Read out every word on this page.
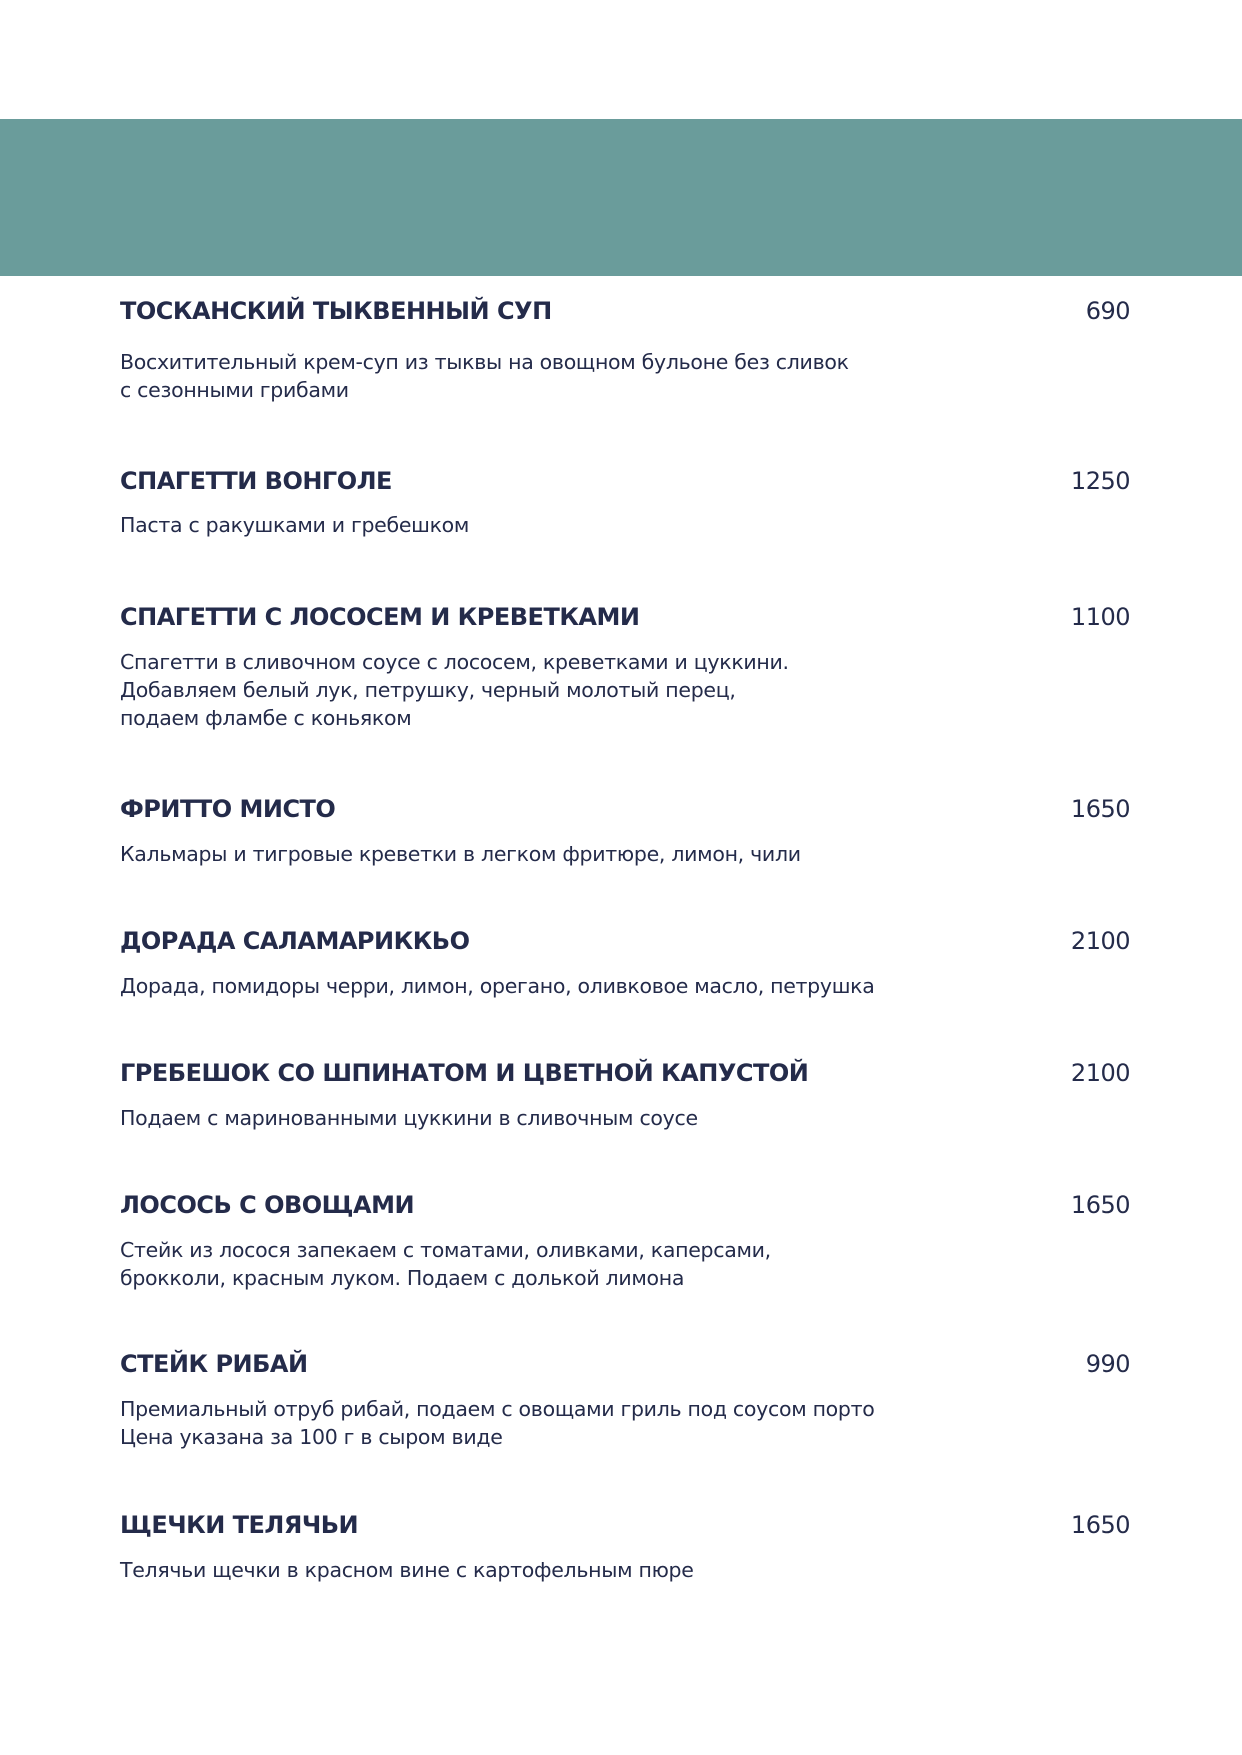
ТОСКАНСКИЙ ТЫКВЕННЫЙ СУП	690
Восхитительный крем-суп из тыквы на овощном бульоне без сливок
с сезонными грибами
СПАГЕТТИ ВОНГОЛЕ	1250
Паста с ракушками и гребешком
СПАГЕТТИ С ЛОСОСЕМ И КРЕВЕТКАМИ	1100
Спагетти в сливочном соусе с лососем, креветками и цуккини.
Добавляем белый лук, петрушку, черный молотый перец,
подаем фламбе с коньяком
ФРИТТО МИСТО	1650
Кальмары и тигровые креветки в легком фритюре, лимон, чили
ДОРАДА САЛАМАРИККЬО	2100
Дорада, помидоры черри, лимон, орегано, оливковое масло, петрушка
ГРЕБЕШОК СО ШПИНАТОМ И ЦВЕТНОЙ КАПУСТОЙ	2100
Подаем с маринованными цуккини в сливочным соусе
ЛОСОСЬ С ОВОЩАМИ	1650
Стейк из лосося запекаем с томатами, оливками, каперсами,
брокколи, красным луком. Подаем с долькой лимона
СТЕЙК РИБАЙ	990
Премиальный отруб рибай, подаем с овощами гриль под соусом порто
Цена указана за 100 г в сыром виде
ЩЕЧКИ ТЕЛЯЧЬИ	1650
Телячьи щечки в красном вине с картофельным пюре
